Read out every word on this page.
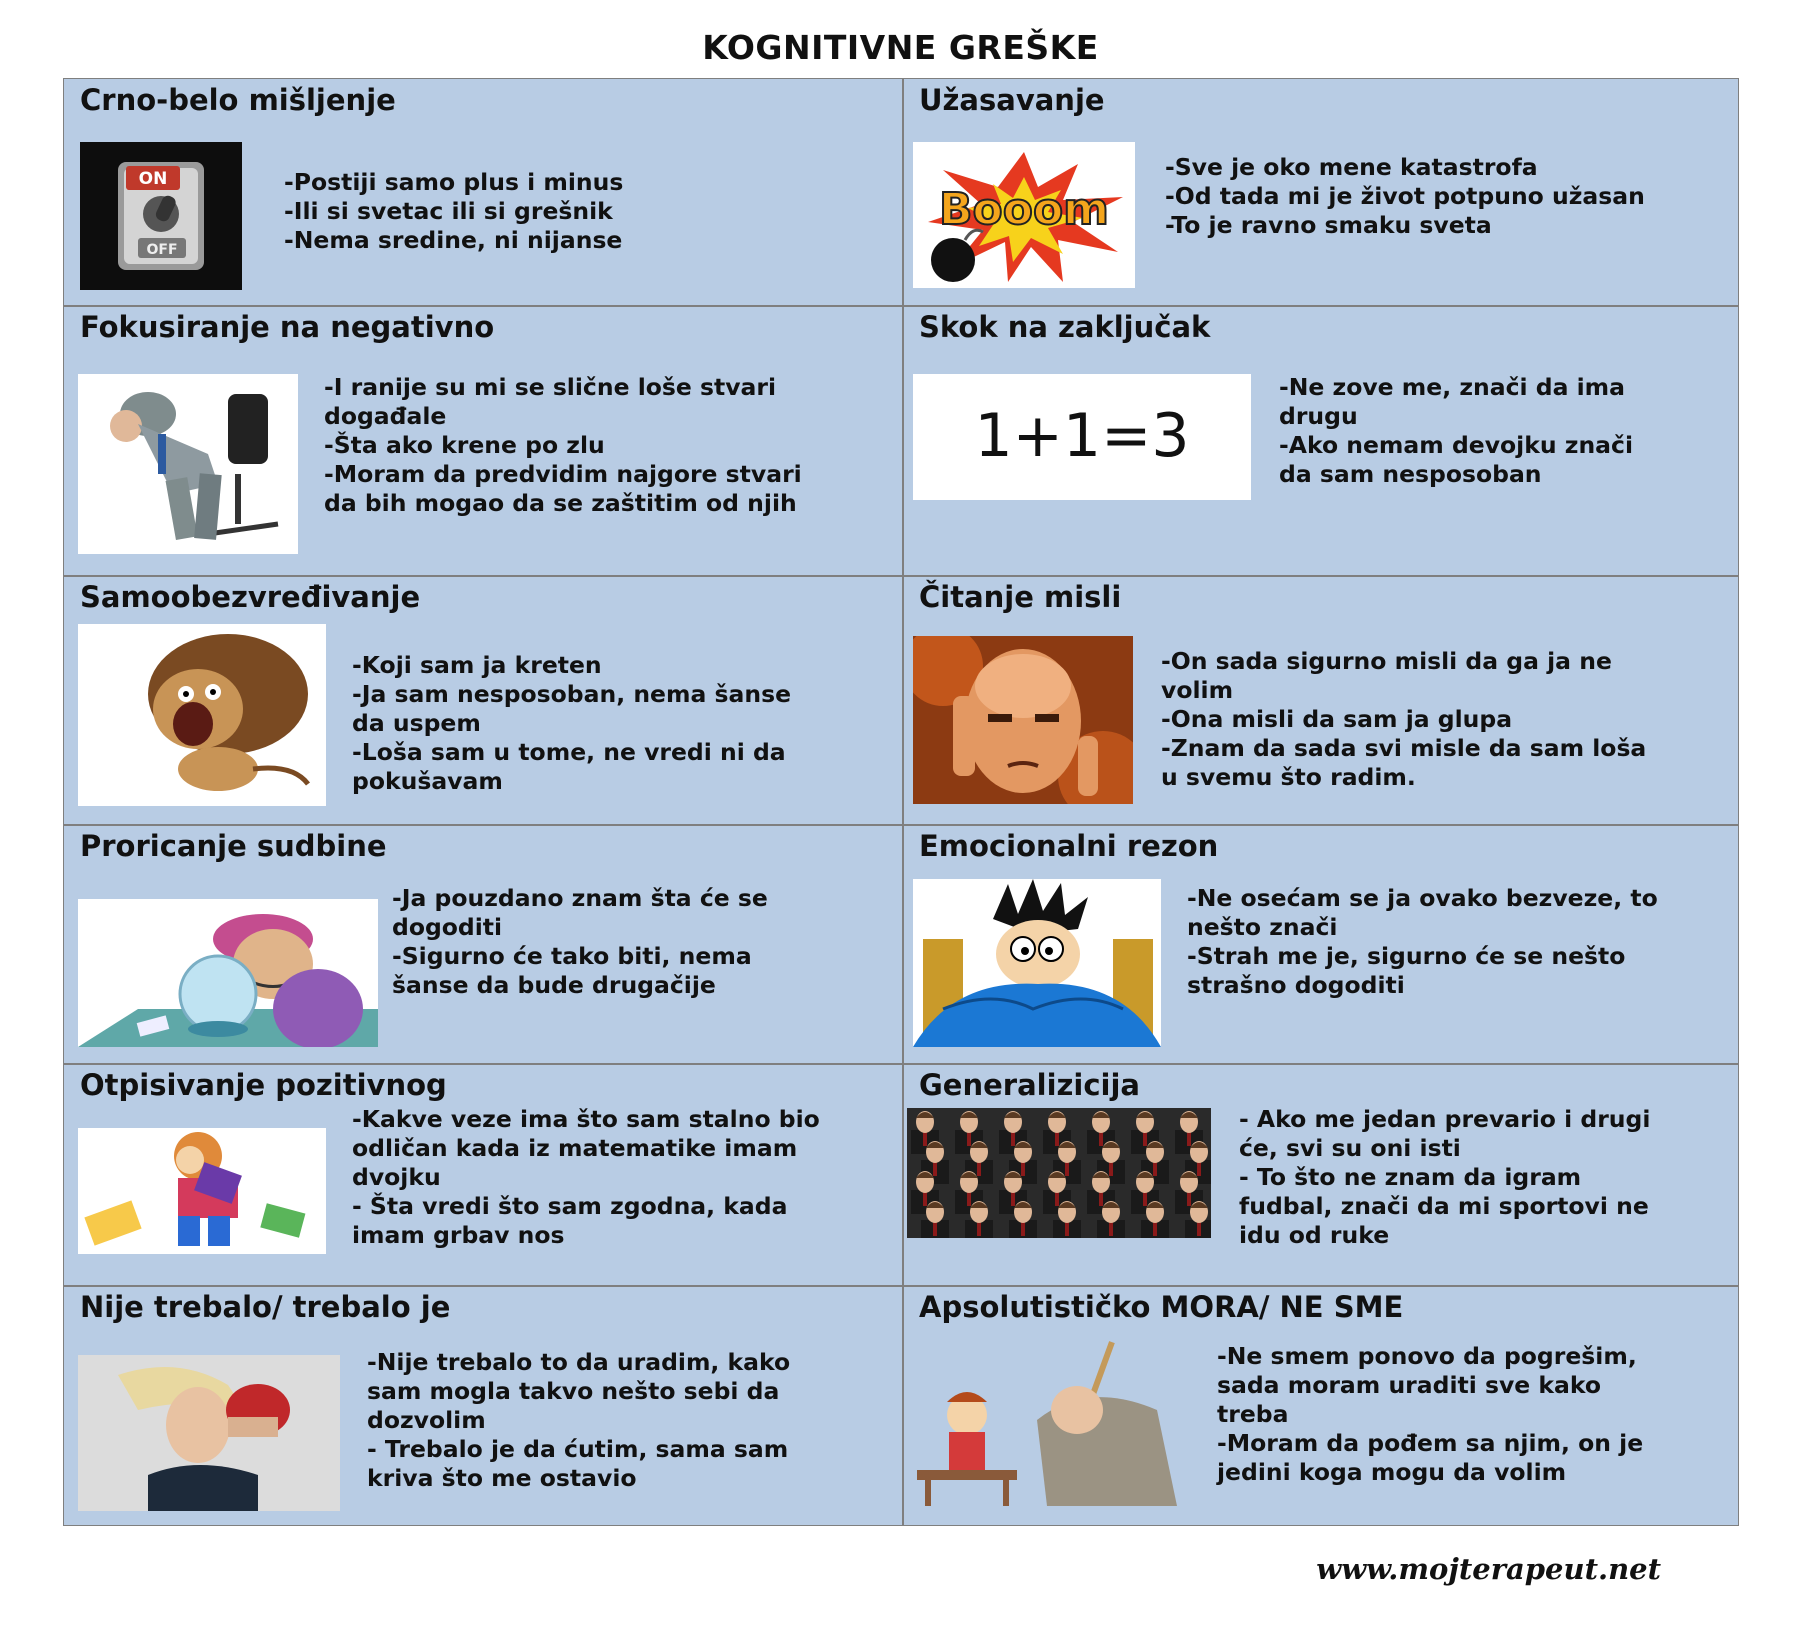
KOGNITIVNE GREŠKE
Crno-belo mišljenje
ON
OFF
-Postiji samo plus i minus
-Ili si svetac ili si grešnik
-Nema sredine, ni nijanse
Užasavanje
Booom
-Sve je oko mene katastrofa
-Od tada mi je život potpuno užasan
-To je ravno smaku sveta
Fokusiranje na negativno
-I ranije su mi se slične loše stvari
događale
-Šta ako krene po zlu
-Moram da predvidim najgore stvari
da bih mogao da se zaštitim od njih
Skok na zaključak
1+1=3
-Ne zove me, znači da ima
drugu
-Ako nemam devojku znači
da sam nesposoban
Samoobezvređivanje
-Koji sam ja kreten
-Ja sam nesposoban, nema šanse
da uspem
-Loša sam u tome, ne vredi ni da
pokušavam
Čitanje misli
-On sada sigurno misli da ga ja ne
volim
-Ona misli da sam ja glupa
-Znam da sada svi misle da sam loša
u svemu što radim.
Proricanje sudbine
-Ja pouzdano znam šta će se
dogoditi
-Sigurno će tako biti, nema
šanse da bude drugačije
Emocionalni rezon
-Ne osećam se ja ovako bezveze, to
nešto znači
-Strah me je, sigurno će se nešto
strašno dogoditi
Otpisivanje pozitivnog
-Kakve veze ima što sam stalno bio
odličan kada iz matematike imam
dvojku
- Šta vredi što sam zgodna, kada
imam grbav nos
Generalizicija
- Ako me jedan prevario i drugi
će, svi su oni isti
- To što ne znam da igram
fudbal, znači da mi sportovi ne
idu od ruke
Nije trebalo/ trebalo je
-Nije trebalo to da uradim, kako
sam mogla takvo nešto sebi da
dozvolim
- Trebalo je da ćutim, sama sam
kriva što me ostavio
Apsolutističko MORA/ NE SME
-Ne smem ponovo da pogrešim,
sada moram uraditi sve kako
treba
-Moram da pođem sa njim, on je
jedini koga mogu da volim
www.mojterapeut.net
